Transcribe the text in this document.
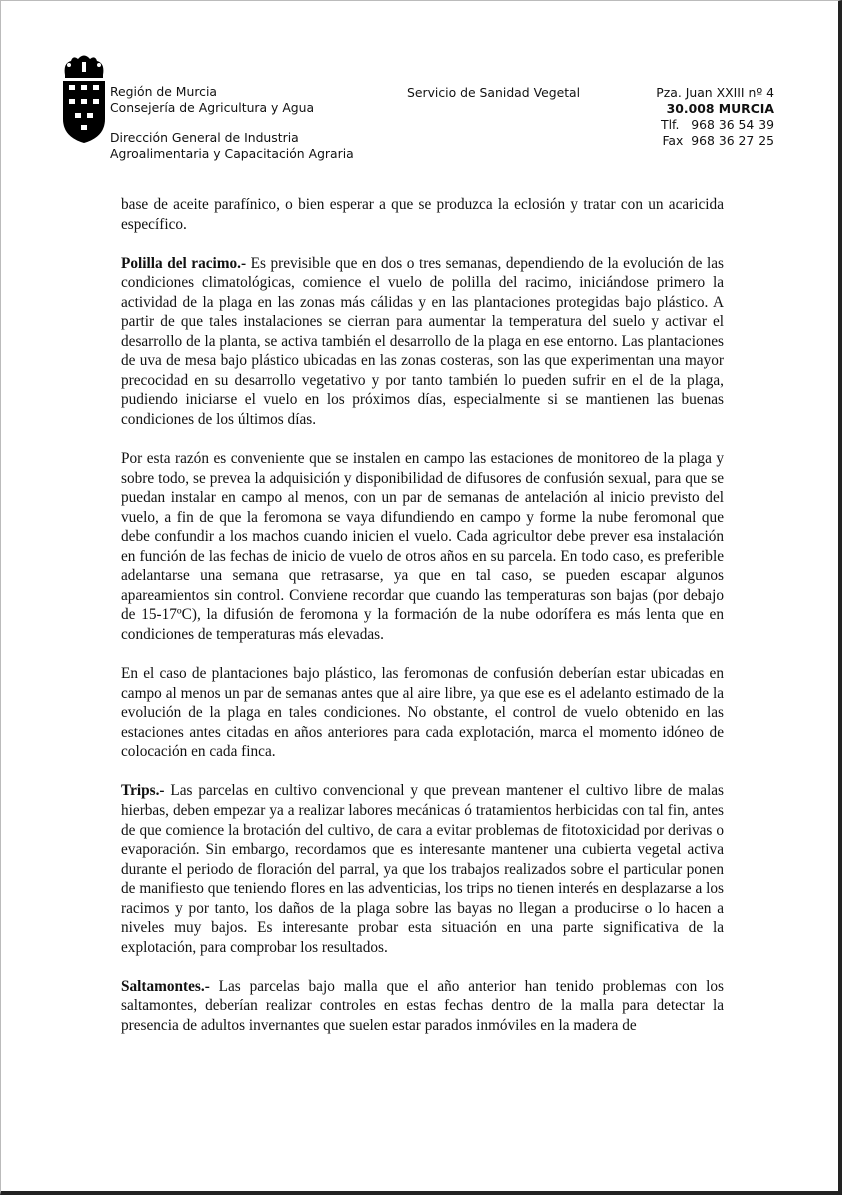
Región de Murcia
Consejería de Agricultura y Agua
Dirección General de Industria
Agroalimentaria y Capacitación Agraria
Servicio de Sanidad Vegetal	Pza. Juan XXIII nº 4
30.008 MURCIA
Tlf.   968 36 54 39
Fax  968 36 27 25

base de aceite parafínico, o bien esperar a que se produzca la eclosión y tratar con un acaricida específico.

Polilla del racimo.- Es previsible que en dos o tres semanas, dependiendo de la evolución de las condiciones climatológicas, comience el vuelo de polilla del racimo, iniciándose primero la actividad de la plaga en las zonas más cálidas y en las plantaciones protegidas bajo plástico. A partir de que tales instalaciones se cierran para aumentar la temperatura del suelo y activar el desarrollo de la planta, se activa también el desarrollo de la plaga en ese entorno. Las plantaciones de uva de mesa bajo plástico ubicadas en las zonas costeras, son las que experimentan una mayor precocidad en su desarrollo vegetativo y por tanto también lo pueden sufrir en el de la plaga, pudiendo iniciarse el vuelo en los próximos días, especialmente si se mantienen las buenas condiciones de los últimos días.

Por esta razón es conveniente que se instalen en campo las estaciones de monitoreo de la plaga y sobre todo, se prevea la adquisición y disponibilidad de difusores de confusión sexual, para que se puedan instalar en campo al menos, con un par de semanas de antelación al inicio previsto del vuelo, a fin de que la feromona se vaya difundiendo en campo y forme la nube feromonal que debe confundir a los machos cuando inicien el vuelo. Cada agricultor debe prever esa instalación en función de las fechas de inicio de vuelo de otros años en su parcela. En todo caso, es preferible adelantarse una semana que retrasarse, ya que en tal caso, se pueden escapar algunos apareamientos sin control. Conviene recordar que cuando las temperaturas son bajas (por debajo de 15-17ºC), la difusión de feromona y la formación de la nube odorífera es más lenta que en condiciones de temperaturas más elevadas.

En el caso de plantaciones bajo plástico, las feromonas de confusión deberían estar ubicadas en campo al menos un par de semanas antes que al aire libre, ya que ese es el adelanto estimado de la evolución de la plaga en tales condiciones. No obstante, el control de vuelo obtenido en las estaciones antes citadas en años anteriores para cada explotación, marca el momento idóneo de colocación en cada finca.

Trips.- Las parcelas en cultivo convencional y que prevean mantener el cultivo libre de malas hierbas, deben empezar ya a realizar labores mecánicas ó tratamientos herbicidas con tal fin, antes de que comience la brotación del cultivo, de cara a evitar problemas de fitotoxicidad por derivas o evaporación. Sin embargo, recordamos que es interesante mantener una cubierta vegetal activa durante el periodo de floración del parral, ya que los trabajos realizados sobre el particular ponen de manifiesto que teniendo flores en las adventicias, los trips no tienen interés en desplazarse a los racimos y por tanto, los daños de la plaga sobre las bayas no llegan a producirse o lo hacen a niveles muy bajos. Es interesante probar esta situación en una parte significativa de la explotación, para comprobar los resultados.

Saltamontes.- Las parcelas bajo malla que el año anterior han tenido problemas con los saltamontes, deberían realizar controles en estas fechas dentro de la malla para detectar la presencia de adultos invernantes que suelen estar parados inmóviles en la madera de
